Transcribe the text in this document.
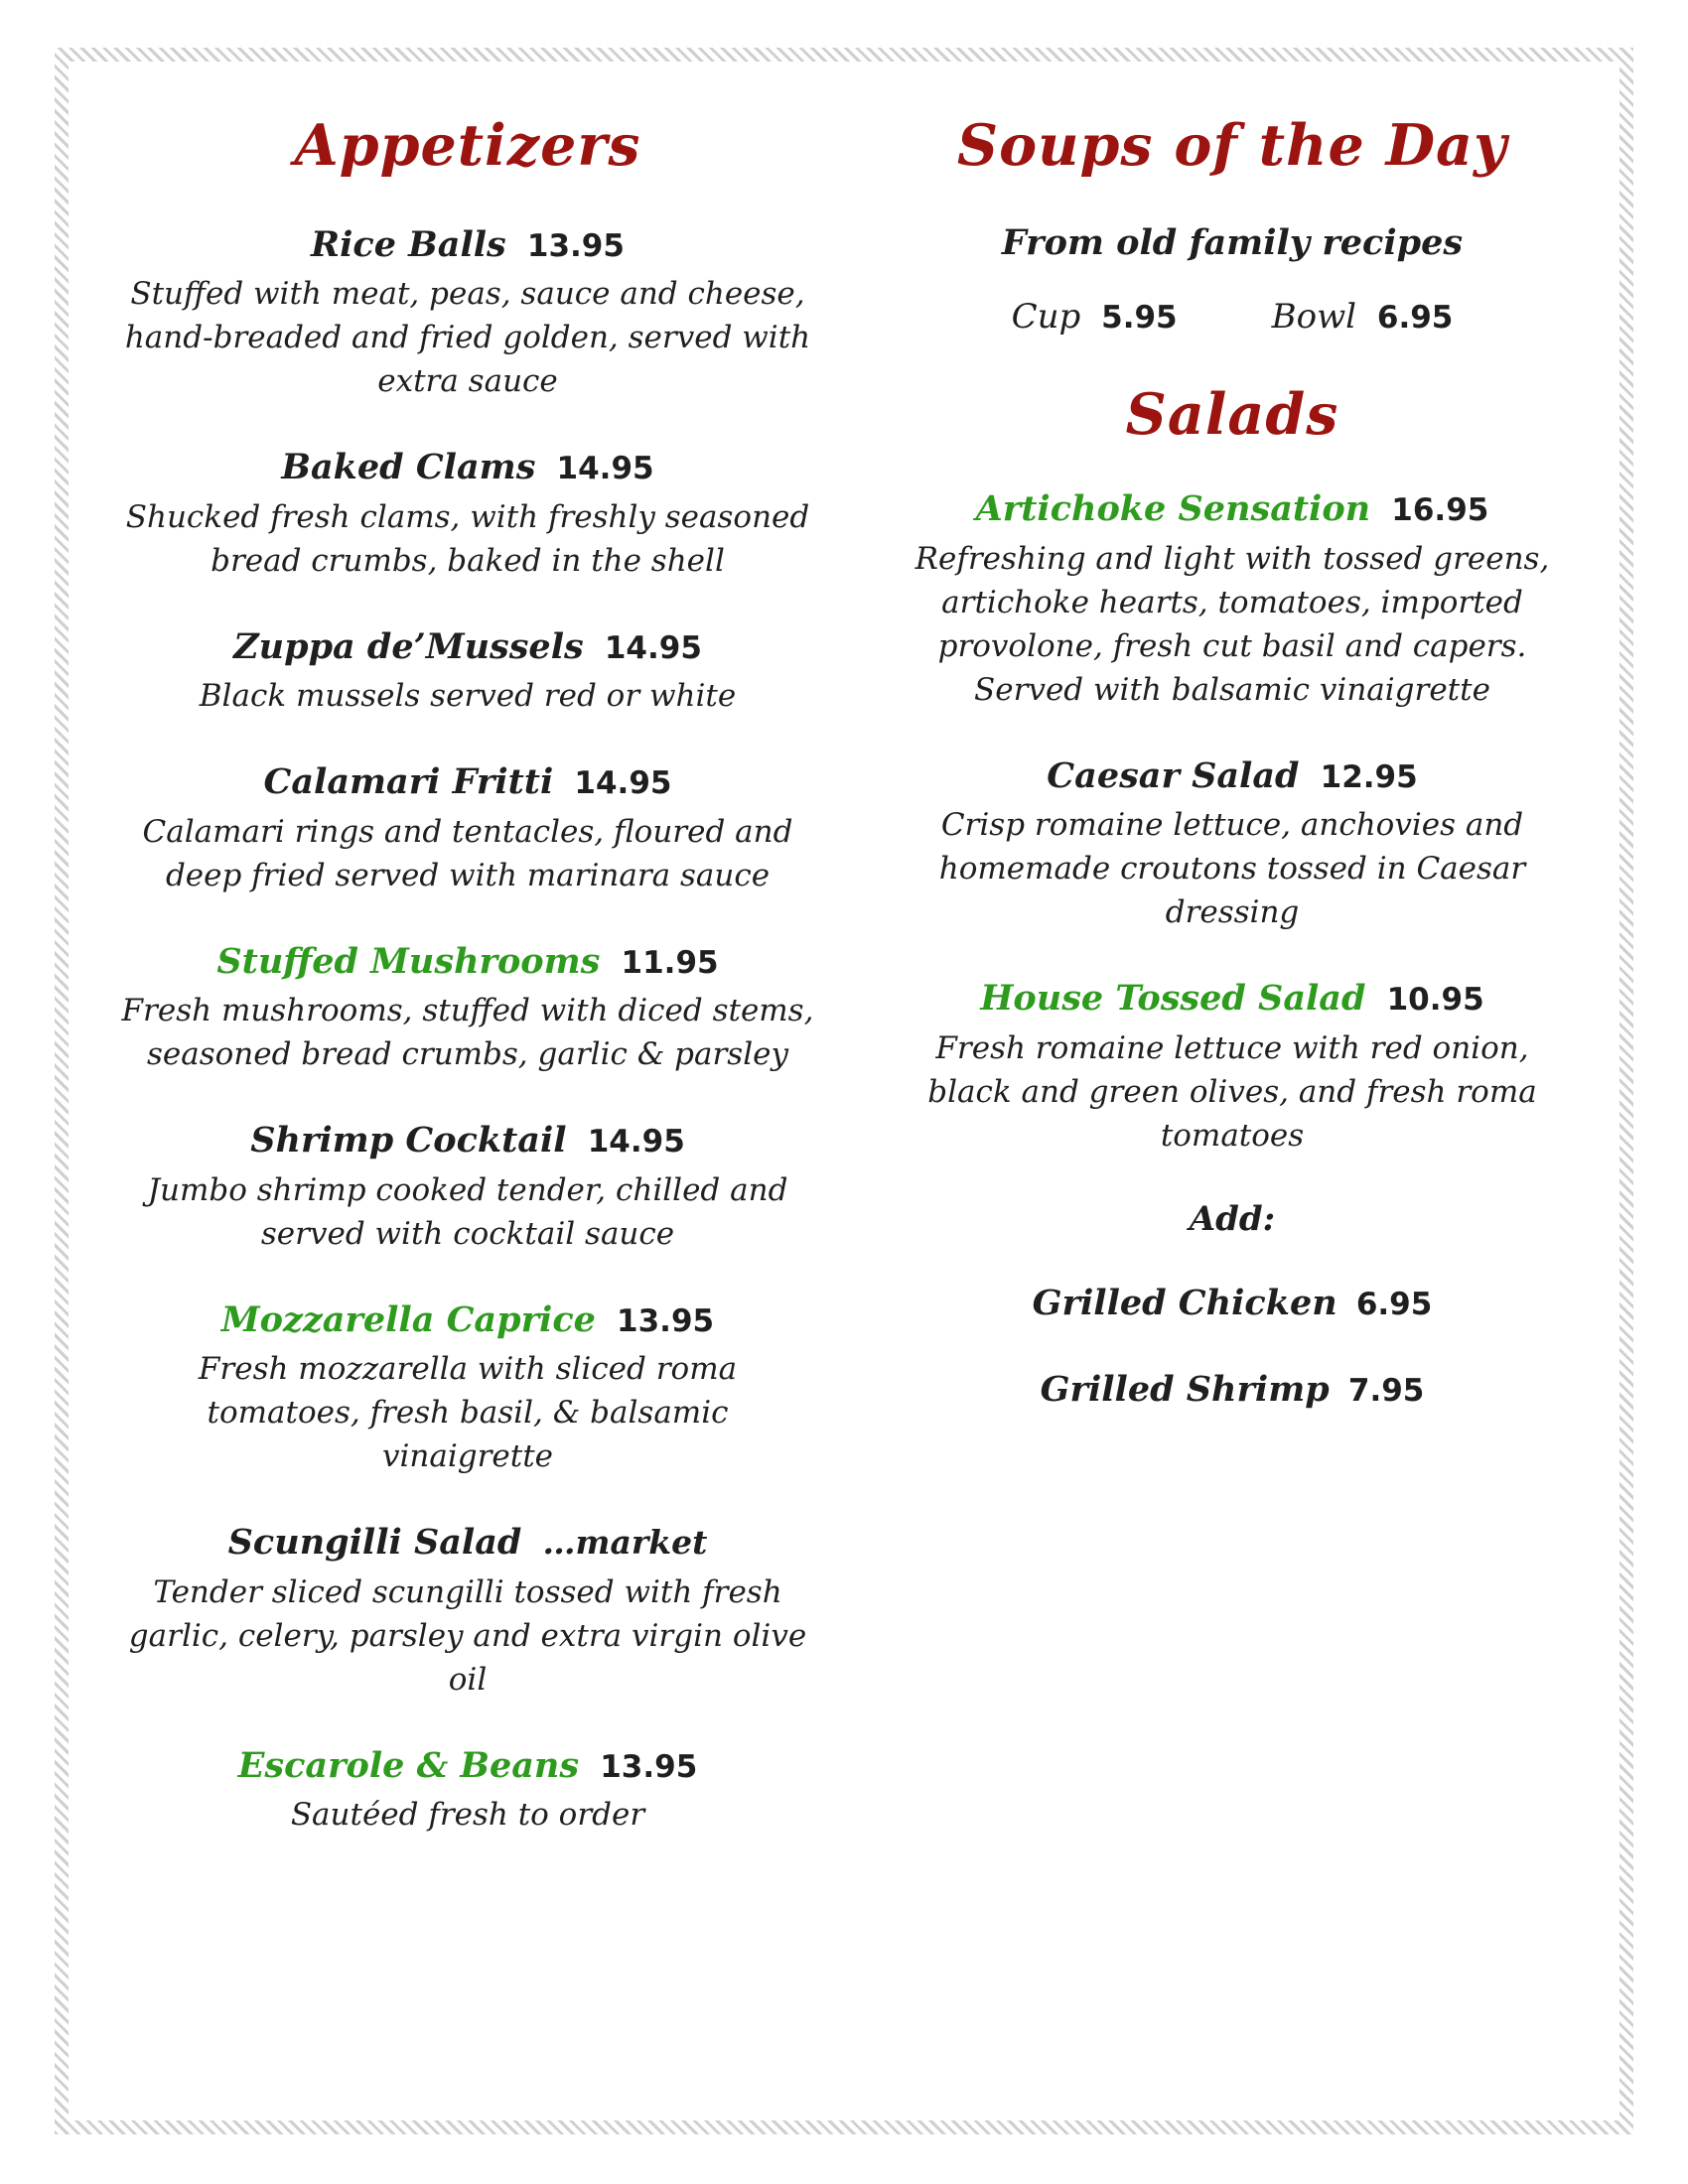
Appetizers
Rice Balls 13.95
Stuffed with meat, peas, sauce and cheese, hand-breaded and fried golden, served with extra sauce
Baked Clams 14.95
Shucked fresh clams, with freshly seasoned bread crumbs, baked in the shell
Zuppa de’Mussels 14.95
Black mussels served red or white
Calamari Fritti 14.95
Calamari rings and tentacles, floured and deep fried served with marinara sauce
Stuffed Mushrooms 11.95
Fresh mushrooms, stuffed with diced stems, seasoned bread crumbs, garlic & parsley
Shrimp Cocktail 14.95
Jumbo shrimp cooked tender, chilled and served with cocktail sauce
Mozzarella Caprice 13.95
Fresh mozzarella with sliced roma tomatoes, fresh basil, & balsamic vinaigrette
Scungilli Salad …market
Tender sliced scungilli tossed with fresh garlic, celery, parsley and extra virgin olive oil
Escarole & Beans 13.95
Sautéed fresh to order
Soups of the Day
From old family recipes
Cup 5.95	Bowl 6.95
Salads
Artichoke Sensation 16.95
Refreshing and light with tossed greens, artichoke hearts, tomatoes, imported provolone, fresh cut basil and capers. Served with balsamic vinaigrette
Caesar Salad 12.95
Crisp romaine lettuce, anchovies and homemade croutons tossed in Caesar dressing
House Tossed Salad 10.95
Fresh romaine lettuce with red onion, black and green olives, and fresh roma tomatoes
Add:
Grilled Chicken 6.95
Grilled Shrimp 7.95
